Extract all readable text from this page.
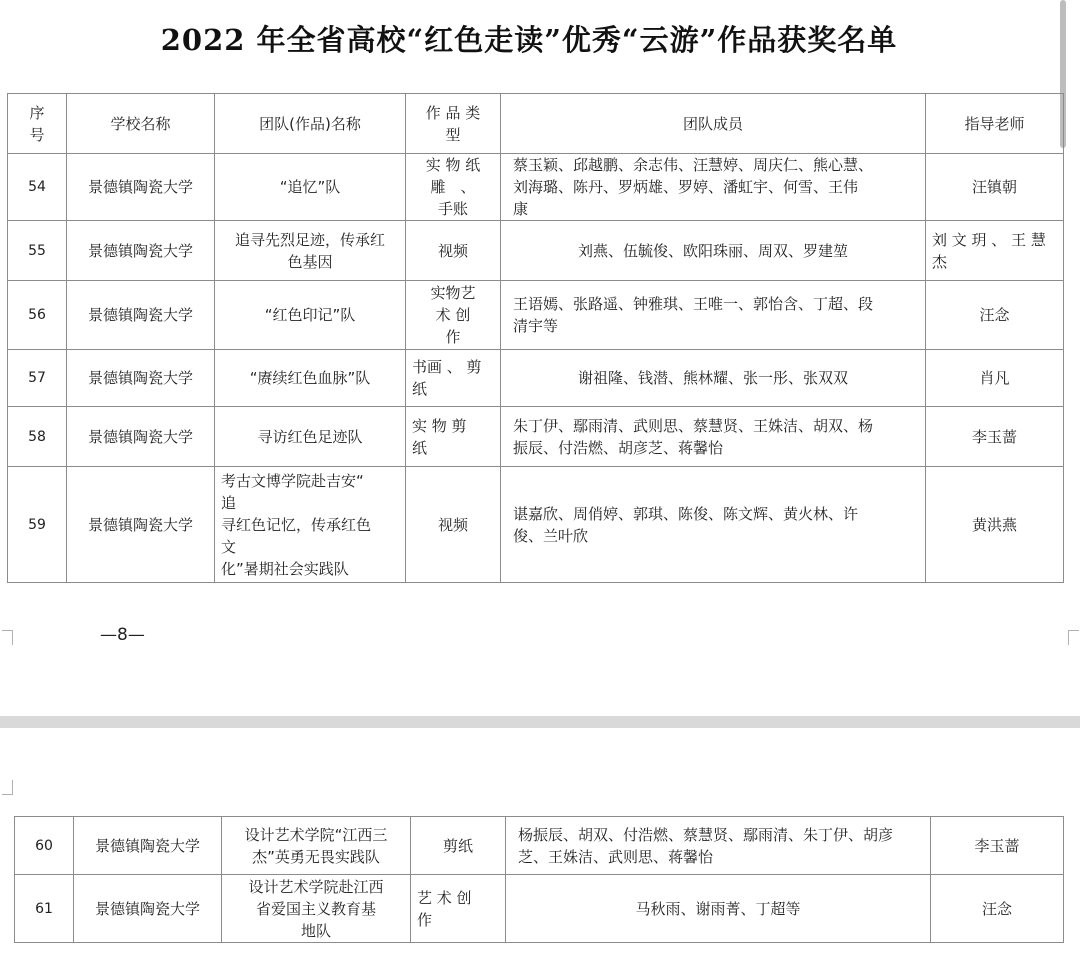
2022 年全省高校“红色走读”优秀“云游”作品获奖名单
序
号	学校名称	团队(作品)名称	作 品 类
型	团队成员	指导老师
54	景德镇陶瓷大学	“追忆”队	实 物 纸
雕　、
手账	蔡玉颖、邱越鹏、余志伟、汪慧婷、周庆仁、熊心慧、
刘海璐、陈丹、罗炳雄、罗婷、潘虹宇、何雪、王伟
康	汪镇朝
55	景德镇陶瓷大学	追寻先烈足迹，传承红
色基因	视频	刘燕、伍毓俊、欧阳珠丽、周双、罗建堃	刘 文 玥 、 王 慧
杰
56	景德镇陶瓷大学	“红色印记”队	实物艺
术 创
作	王语嫣、张路遥、钟雅琪、王唯一、郭怡含、丁超、段
清宇等	汪念
57	景德镇陶瓷大学	“赓续红色血脉”队	书画 、 剪
纸	谢祖隆、钱潜、熊林耀、张一彤、张双双	肖凡
58	景德镇陶瓷大学	寻访红色足迹队	实 物 剪
纸	朱丁伊、鄢雨清、武则思、蔡慧贤、王姝洁、胡双、杨
振辰、付浩燃、胡彦芝、蒋馨怡	李玉蔷
59	景德镇陶瓷大学	考古文博学院赴吉安“
追
寻红色记忆，传承红色
文
化”暑期社会实践队	视频	谌嘉欣、周俏婷、郭琪、陈俊、陈文辉、黄火林、许
俊、兰叶欣	黄洪燕
—8—
60	景德镇陶瓷大学	设计艺术学院“江西三
杰”英勇无畏实践队	剪纸	杨振辰、胡双、付浩燃、蔡慧贤、鄢雨清、朱丁伊、胡彦
芝、王姝洁、武则思、蒋馨怡	李玉蔷
61	景德镇陶瓷大学	设计艺术学院赴江西
省爱国主义教育基
地队	艺 术 创
作	马秋雨、谢雨菁、丁超等	汪念
